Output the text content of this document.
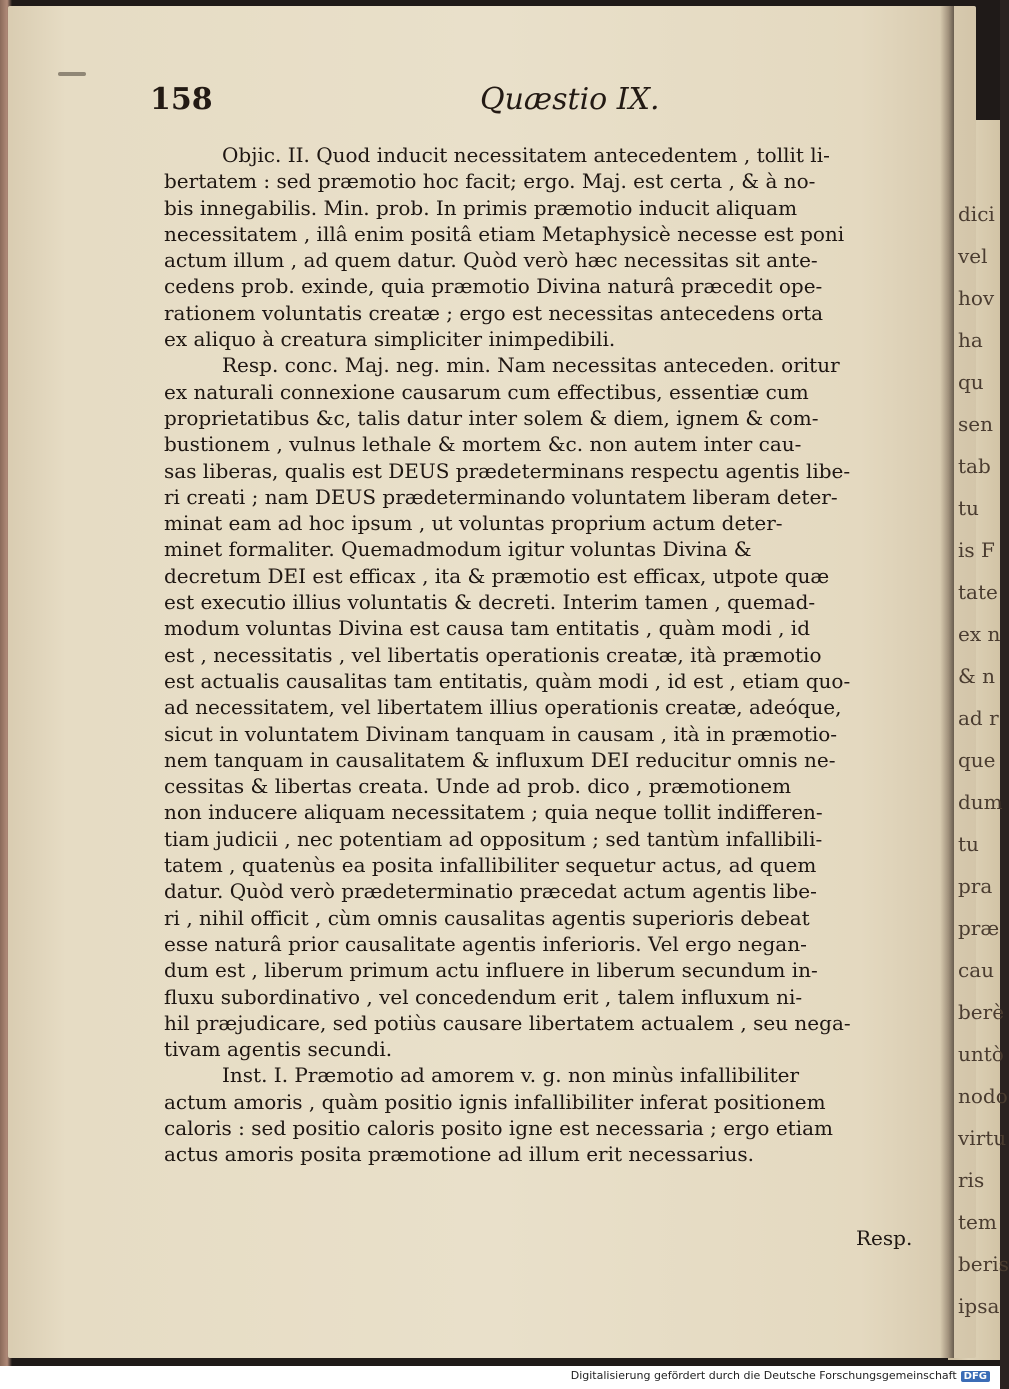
dici
vel
hov
ha
qu
sen
tab
tu
is F
tate
ex n
& n
ad r
que
dum
tu
pra
præ
cau
berè
untò
nodo
virtu
ris
tem
beris
ipsa
158	Quæstio IX.
Objic. II. Quod inducit necessitatem antecedentem , tollit li-
bertatem : sed præmotio hoc facit; ergo. Maj. est certa , & à no-
bis innegabilis. Min. prob. In primis præmotio inducit aliquam
necessitatem , illâ enim positâ etiam Metaphysicè necesse est poni
actum illum , ad quem datur. Quòd verò hæc necessitas sit ante-
cedens prob. exinde, quia præmotio Divina naturâ præcedit ope-
rationem voluntatis creatæ ; ergo est necessitas antecedens orta
ex aliquo à creatura simpliciter inimpedibili.
Resp. conc. Maj. neg. min. Nam necessitas anteceden. oritur
ex naturali connexione causarum cum effectibus, essentiæ cum
proprietatibus &c, talis datur inter solem & diem, ignem & com-
bustionem , vulnus lethale & mortem &c. non autem inter cau-
sas liberas, qualis est DEUS prædeterminans respectu agentis libe-
ri creati ; nam DEUS prædeterminando voluntatem liberam deter-
minat eam ad hoc ipsum , ut voluntas proprium actum deter-
minet formaliter. Quemadmodum igitur voluntas Divina &
decretum DEI est efficax , ita & præmotio est efficax, utpote quæ
est executio illius voluntatis & decreti. Interim tamen , quemad-
modum voluntas Divina est causa tam entitatis , quàm modi , id
est , necessitatis , vel libertatis operationis creatæ, ità præmotio
est actualis causalitas tam entitatis, quàm modi , id est , etiam quo-
ad necessitatem, vel libertatem illius operationis creatæ, adeóque,
sicut in voluntatem Divinam tanquam in causam , ità in præmotio-
nem tanquam in causalitatem & influxum DEI reducitur omnis ne-
cessitas & libertas creata. Unde ad prob. dico , præmotionem
non inducere aliquam necessitatem ; quia neque tollit indifferen-
tiam judicii , nec potentiam ad oppositum ; sed tantùm infallibili-
tatem , quatenùs ea posita infallibiliter sequetur actus, ad quem
datur. Quòd verò prædeterminatio præcedat actum agentis libe-
ri , nihil officit , cùm omnis causalitas agentis superioris debeat
esse naturâ prior causalitate agentis inferioris. Vel ergo negan-
dum est , liberum primum actu influere in liberum secundum in-
fluxu subordinativo , vel concedendum erit , talem influxum ni-
hil præjudicare, sed potiùs causare libertatem actualem , seu nega-
tivam agentis secundi.
Inst. I. Præmotio ad amorem v. g. non minùs infallibiliter
actum amoris , quàm positio ignis infallibiliter inferat positionem
caloris : sed positio caloris posito igne est necessaria ; ergo etiam
actus amoris posita præmotione ad illum erit necessarius.
Resp.
Digitalisierung gefördert durch die Deutsche Forschungsgemeinschaft DFG
